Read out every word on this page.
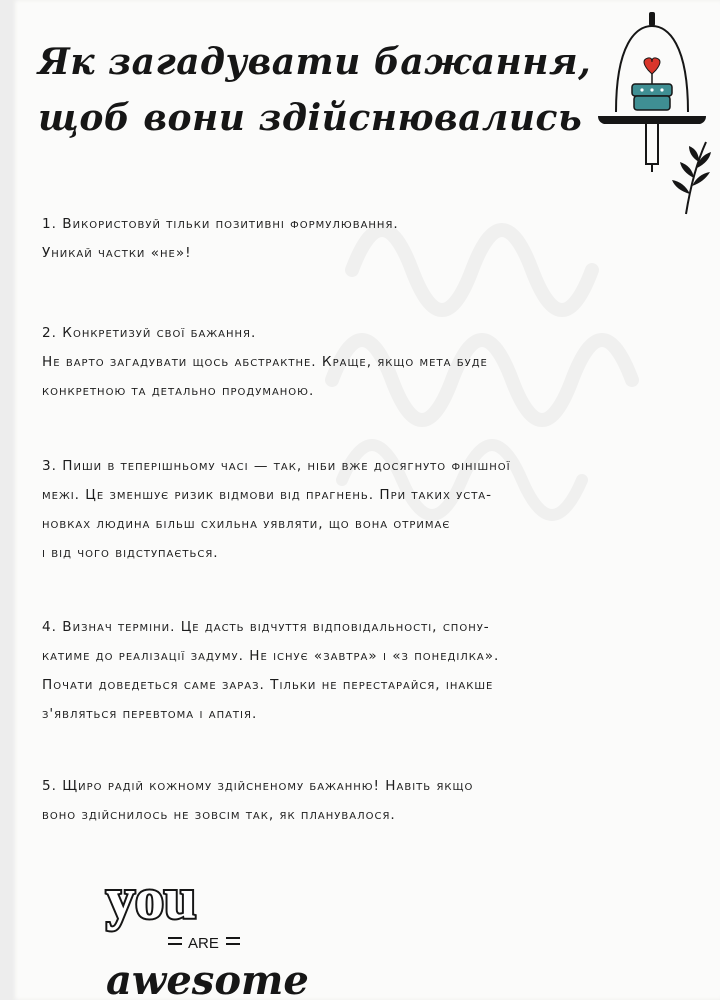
Як загадувати бажання,
щоб вони здійснювались

1. Використовуй тільки позитивні формулювання.
Уникай частки «не»!

2. Конкретизуй свої бажання.
Не варто загадувати щось абстрактне. Краще, якщо мета буде
конкретною та детально продуманою.

3. Пиши в теперішньому часі — так, ніби вже досягнуто фінішної
межі. Це зменшує ризик відмови від прагнень. При таких уста-
новках людина більш схильна уявляти, що вона отримає
і від чого відступається.

4. Визнач терміни. Це дасть відчуття відповідальності, спону-
катиме до реалізації задуму. Не існує «завтра» і «з понеділка».
Почати доведеться саме зараз. Тільки не перестарайся, інакше
з'являться перевтома і апатія.

5. Щиро радій кожному здійсненому бажанню! Навіть якщо
воно здійснилось не зовсім так, як планувалося.

you
ARE
awesome
